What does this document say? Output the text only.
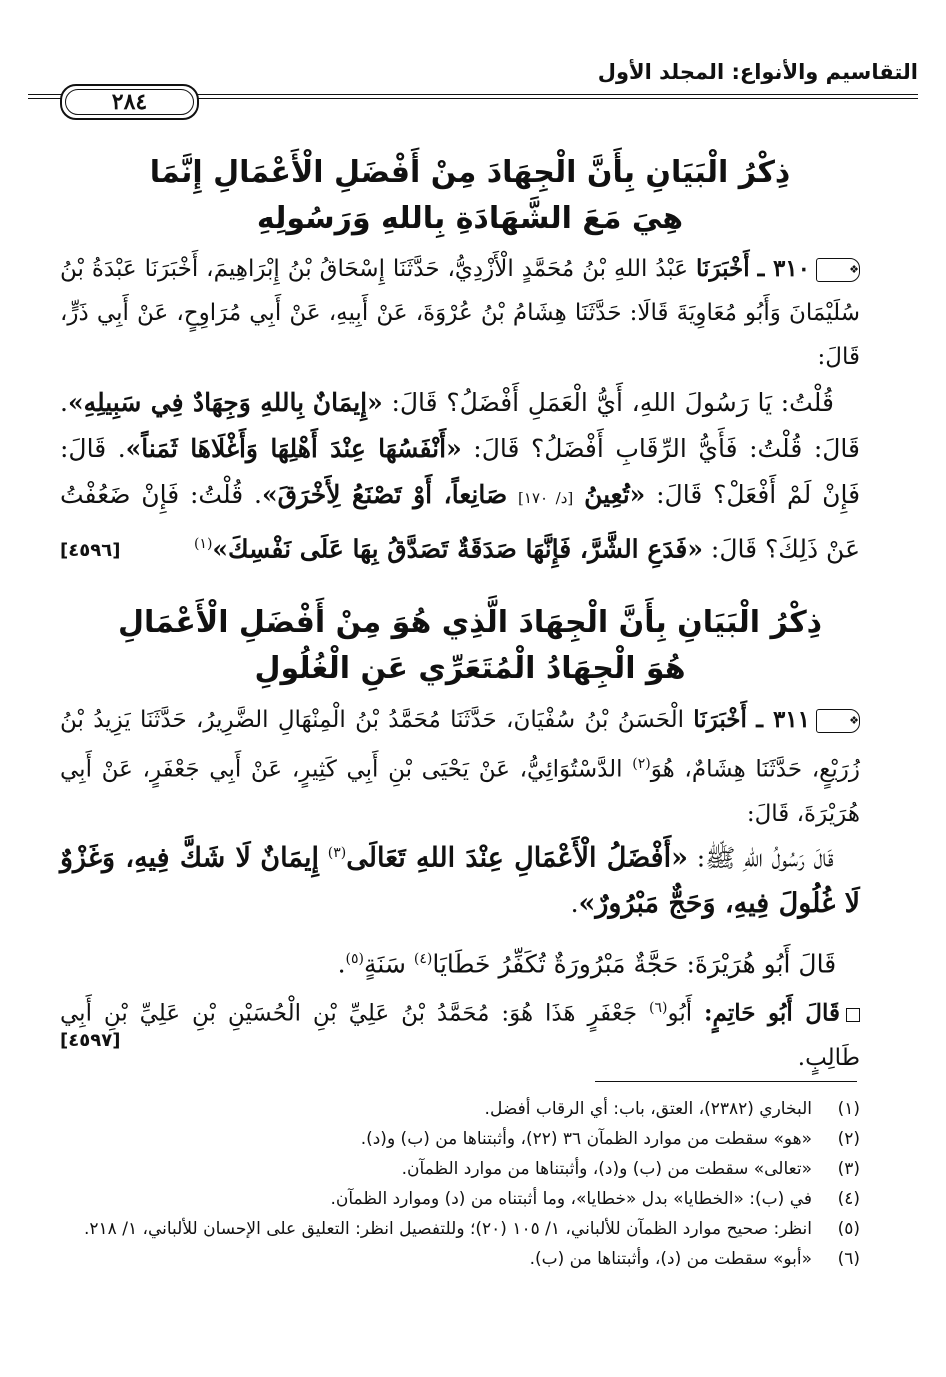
التقاسيم والأنواع: المجلد الأول
٢٨٤
ذِكْرُ الْبَيَانِ بِأَنَّ الْجِهَادَ مِنْ أَفْضَلِ الْأَعْمَالِ إِنَّمَا
هِيَ مَعَ الشَّهَادَةِ بِاللهِ وَرَسُولِهِ
❖٣١٠ ـ أَخْبَرَنَا عَبْدُ اللهِ بْنُ مُحَمَّدٍ الْأَزْدِيُّ، حَدَّثَنَا إِسْحَاقُ بْنُ إِبْرَاهِيمَ، أَخْبَرَنَا عَبْدَةُ بْنُ سُلَيْمَانَ وَأَبُو مُعَاوِيَةَ قَالَا: حَدَّثَنَا هِشَامُ بْنُ عُرْوَةَ، عَنْ أَبِيهِ، عَنْ أَبِي مُرَاوِحٍ، عَنْ أَبِي ذَرٍّ، قَالَ:
قُلْتُ: يَا رَسُولَ اللهِ، أَيُّ الْعَمَلِ أَفْضَلُ؟ قَالَ: «إِيمَانٌ بِاللهِ وَجِهَادٌ فِي سَبِيلِهِ». قَالَ: قُلْتُ: فَأَيُّ الرِّقَابِ أَفْضَلُ؟ قَالَ: «أَنْفَسُهَا عِنْدَ أَهْلِهَا وَأَغْلَاهَا ثَمَناً». قَالَ: فَإِنْ لَمْ أَفْعَلْ؟ قَالَ: «تُعِينُ [د/ ١٧٠] صَانِعاً، أَوْ تَصْنَعُ لِأَخْرَقَ». قُلْتُ: فَإِنْ ضَعُفْتُ عَنْ ذَلِكَ؟ قَالَ: «فَدَعِ الشَّرَّ، فَإِنَّهَا صَدَقَةٌ تَصَدَّقُ بِهَا عَلَى نَفْسِكَ»$^{(١)}$
[٤٥٩٦]
ذِكْرُ الْبَيَانِ بِأَنَّ الْجِهَادَ الَّذِي هُوَ مِنْ أَفْضَلِ الْأَعْمَالِ
هُوَ الْجِهَادُ الْمُتَعَرِّي عَنِ الْغُلُولِ
❖٣١١ ـ أَخْبَرَنَا الْحَسَنُ بْنُ سُفْيَانَ، حَدَّثَنَا مُحَمَّدُ بْنُ الْمِنْهَالِ الضَّرِيرُ، حَدَّثَنَا يَزِيدُ بْنُ زُرَيْعٍ، حَدَّثَنَا هِشَامٌ، هُوَ$^{(٢)}$ الدَّسْتُوَائِيُّ، عَنْ يَحْيَى بْنِ أَبِي كَثِيرٍ، عَنْ أَبِي جَعْفَرٍ، عَنْ أَبِي هُرَيْرَةَ، قَالَ:
قَالَ رَسُولُ اللهِ ﷺ: «أَفْضَلُ الْأَعْمَالِ عِنْدَ اللهِ تَعَالَى$^{(٣)}$ إِيمَانٌ لَا شَكَّ فِيهِ، وَغَزْوٌ لَا غُلُولَ فِيهِ، وَحَجٌّ مَبْرُورٌ».
قَالَ أَبُو هُرَيْرَةَ: حَجَّةٌ مَبْرُورَةٌ تُكَفِّرُ خَطَايَا$^{(٤)}$ سَنَةٍ$^{(٥)}$.
قَالَ أَبُو حَاتِمٍ: أَبُو$^{(٦)}$ جَعْفَرٍ هَذَا هُوَ: مُحَمَّدُ بْنُ عَلِيِّ بْنِ الْحُسَيْنِ بْنِ عَلِيِّ بْنِ أَبِي طَالِبٍ.
[٤٥٩٧]
(١)
البخاري (٢٣٨٢)، العتق، باب: أي الرقاب أفضل.
(٢)
«هو» سقطت من موارد الظمآن ٣٦ (٢٢)، وأثبتناها من (ب) و(د).
(٣)
«تعالى» سقطت من (ب) و(د)، وأثبتناها من موارد الظمآن.
(٤)
في (ب): «الخطايا» بدل «خطايا»، وما أثبتناه من (د) وموارد الظمآن.
(٥)
انظر: صحيح موارد الظمآن للألباني، ١/ ١٠٥ (٢٠)؛ وللتفصيل انظر: التعليق على الإحسان للألباني، ١/ ٢١٨.
(٦)
«أبو» سقطت من (د)، وأثبتناها من (ب).
